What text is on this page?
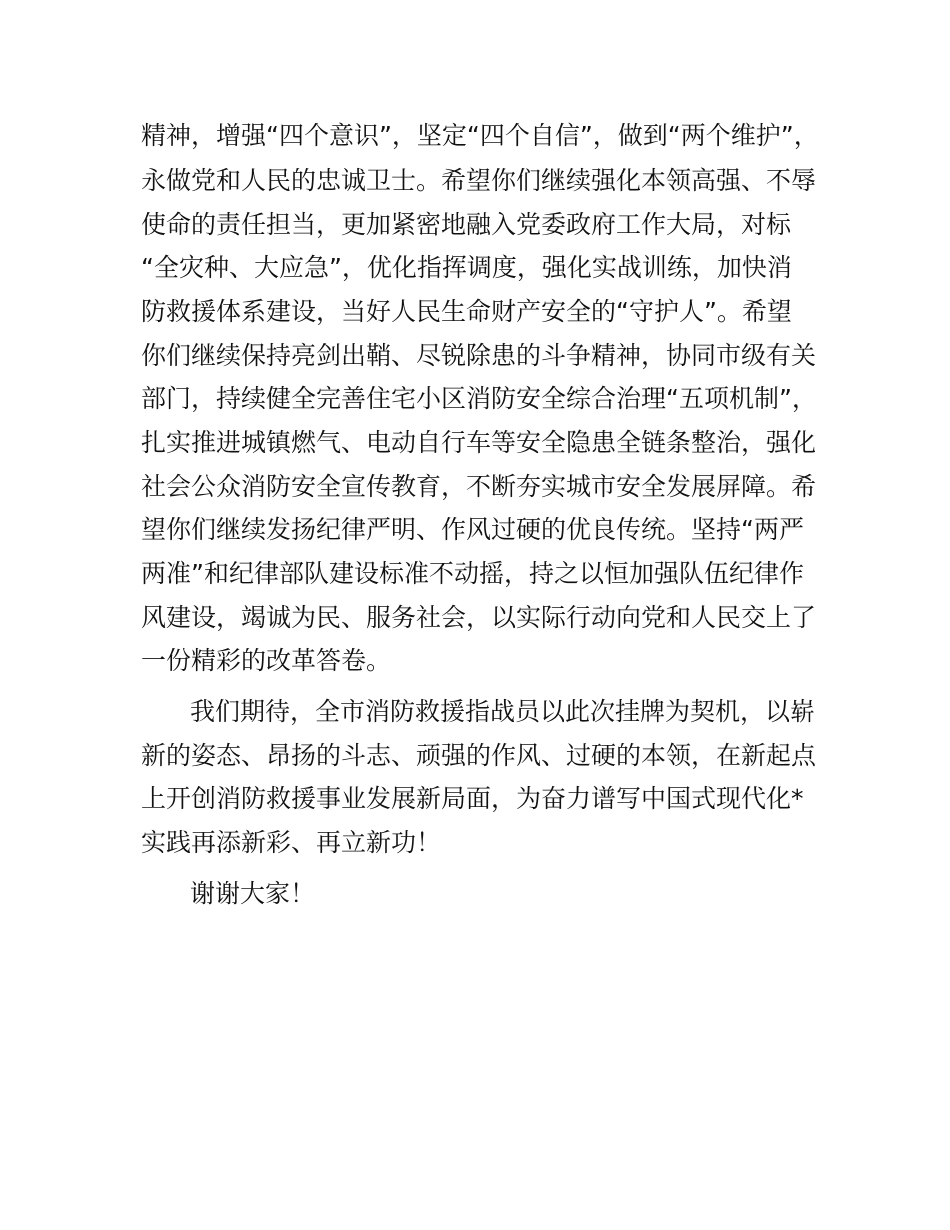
精神，增强“四个意识”，坚定“四个自信”，做到“两个维护”，
永做党和人民的忠诚卫士。希望你们继续强化本领高强、不辱
使命的责任担当，更加紧密地融入党委政府工作大局，对标
“全灾种、大应急”，优化指挥调度，强化实战训练，加快消
防救援体系建设，当好人民生命财产安全的“守护人”。希望
你们继续保持亮剑出鞘、尽锐除患的斗争精神，协同市级有关
部门，持续健全完善住宅小区消防安全综合治理“五项机制”，
扎实推进城镇燃气、电动自行车等安全隐患全链条整治，强化
社会公众消防安全宣传教育，不断夯实城市安全发展屏障。希
望你们继续发扬纪律严明、作风过硬的优良传统。坚持“两严
两准”和纪律部队建设标准不动摇，持之以恒加强队伍纪律作
风建设，竭诚为民、服务社会，以实际行动向党和人民交上了
一份精彩的改革答卷。
我们期待，全市消防救援指战员以此次挂牌为契机，以崭
新的姿态、昂扬的斗志、顽强的作风、过硬的本领，在新起点
上开创消防救援事业发展新局面，为奋力谱写中国式现代化*
实践再添新彩、再立新功！
谢谢大家！
